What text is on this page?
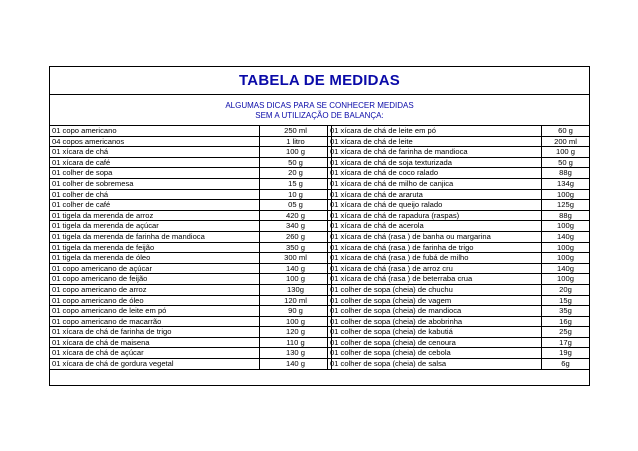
TABELA DE MEDIDAS
ALGUMAS DICAS PARA SE CONHECER MEDIDAS
SEM A UTILIZAÇÃO DE BALANÇA:
01 copo americano	250 ml
04 copos americanos	1 litro
01 xícara de chá	100 g
01 xícara de café	50 g
01 colher de sopa	20 g
01 colher de sobremesa	15 g
01 colher de chá	10 g
01 colher de café	05 g
01 tigela da merenda de arroz	420 g
01 tigela da merenda de açúcar	340 g
01 tigela da merenda de farinha de mandioca	260 g
01 tigela da merenda de feijão	350 g
01 tigela da merenda de óleo	300 ml
01 copo americano de açúcar	140 g
01 copo americano de feijão	100 g
01 copo americano de arroz	130g
01 copo americano de óleo	120 ml
01 copo americano de leite em pó	90 g
01 copo americano de macarrão	100 g
01 xícara de chá de farinha de trigo	120 g
01 xícara de chá de maisena	110 g
01 xícara de chá de açúcar	130 g
01 xícara de chá de gordura vegetal	140 g
01 xícara de chá de leite em pó	60 g
01 xícara de chá de leite	200 ml
01 xícara de chá de farinha de mandioca	100 g
01 xícara de chá de soja texturizada	50 g
01 xícara de chá de coco ralado	88g
01 xícara de chá de milho de canjica	134g
01 xícara de chá de araruta	100g
01 xícara de chá de queijo ralado	125g
01 xícara de chá de rapadura (raspas)	88g
01 xícara de chá de acerola	100g
01 xícara de chá (rasa ) de banha ou margarina	140g
01 xícara de chá (rasa ) de farinha de trigo	100g
01 xícara de chá (rasa ) de fubá de milho	100g
01 xícara de chá (rasa ) de arroz cru	140g
01 xícara de chá (rasa ) de beterraba crua	100g
01 colher de sopa (cheia) de chuchu	20g
01 colher de sopa (cheia) de vagem	15g
01 colher de sopa (cheia) de mandioca	35g
01 colher de sopa (cheia) de abobrinha	16g
01 colher de sopa (cheia) de kabutiá	25g
01 colher de sopa (cheia) de cenoura	17g
01 colher de sopa (cheia) de cebola	19g
01 colher de sopa (cheia) de salsa	6g
